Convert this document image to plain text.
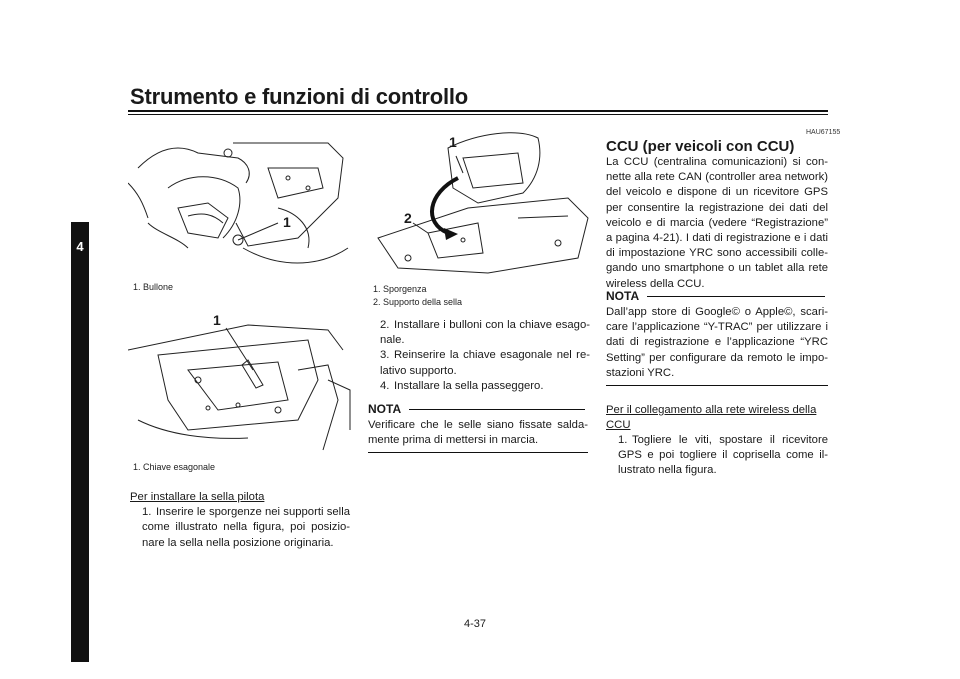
Strumento e funzioni di controllo
4
1
1. Bullone
1
1. Chiave esagonale
Per installare la sella pilota
1. Inserire le sporgenze nei supporti sella come illustrato nella figura, poi posizio-nare la sella nella posizione originaria.
1
2
1. Sporgenza
2. Supporto della sella
2. Installare i bulloni con la chiave esago-nale.
3. Reinserire la chiave esagonale nel re-lativo supporto.
4. Installare la sella passeggero.
NOTA
Verificare che le selle siano fissate salda-mente prima di mettersi in marcia.
HAU67155
CCU (per veicoli con CCU)
La CCU (centralina comunicazioni) si con-nette alla rete CAN (controller area network) del veicolo e dispone di un ricevitore GPS per consentire la registrazione dei dati del veicolo e di marcia (vedere “Registrazione” a pagina 4-21). I dati di registrazione e i dati di impostazione YRC sono accessibili colle-gando uno smartphone o un tablet alla rete wireless della CCU.
NOTA
Dall’app store di Google© o Apple©, scari-care l’applicazione “Y-TRAC” per utilizzare i dati di registrazione e l’applicazione “YRC Setting” per configurare da remoto le impo-stazioni YRC.
Per il collegamento alla rete wireless della CCU
1. Togliere le viti, spostare il ricevitore GPS e poi togliere il coprisella come il-lustrato nella figura.
4-37
